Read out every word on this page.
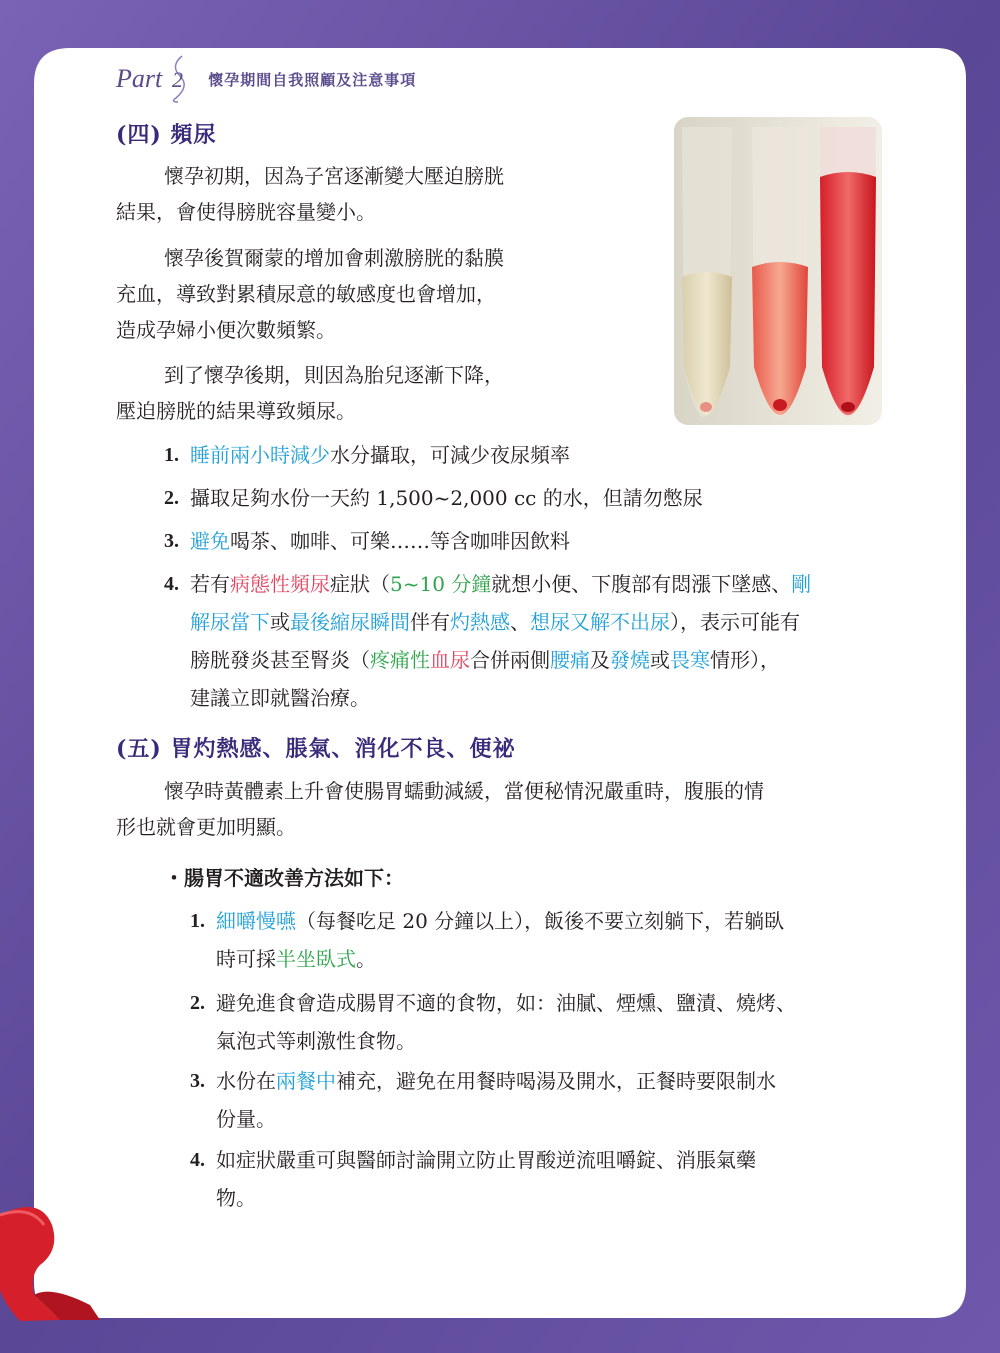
66
Part 2 懷孕期間自我照顧及注意事項
(四) 頻尿
懷孕初期，因為子宮逐漸變大壓迫膀胱
結果，會使得膀胱容量變小。
懷孕後賀爾蒙的增加會刺激膀胱的黏膜
充血，導致對累積尿意的敏感度也會增加，
造成孕婦小便次數頻繁。
到了懷孕後期，則因為胎兒逐漸下降，
壓迫膀胱的結果導致頻尿。
1. 睡前兩小時減少水分攝取，可減少夜尿頻率
2. 攝取足夠水份一天約 1,500~2,000 cc 的水，但請勿憋尿
3. 避免喝茶、咖啡、可樂……等含咖啡因飲料
4. 若有病態性頻尿症狀（5~10 分鐘就想小便、下腹部有悶漲下墜感、剛
解尿當下或最後縮尿瞬間伴有灼熱感、想尿又解不出尿），表示可能有
膀胱發炎甚至腎炎（疼痛性血尿合併兩側腰痛及發燒或畏寒情形），
建議立即就醫治療。
(五) 胃灼熱感、脹氣、消化不良、便祕
懷孕時黃體素上升會使腸胃蠕動減緩，當便秘情況嚴重時，腹脹的情
形也就會更加明顯。
・腸胃不適改善方法如下：
1. 細嚼慢嚥（每餐吃足 20 分鐘以上），飯後不要立刻躺下，若躺臥
時可採半坐臥式。
2. 避免進食會造成腸胃不適的食物，如：油膩、煙燻、鹽漬、燒烤、
氣泡式等刺激性食物。
3. 水份在兩餐中補充，避免在用餐時喝湯及開水，正餐時要限制水
份量。
4. 如症狀嚴重可與醫師討論開立防止胃酸逆流咀嚼錠、消脹氣藥
物。
